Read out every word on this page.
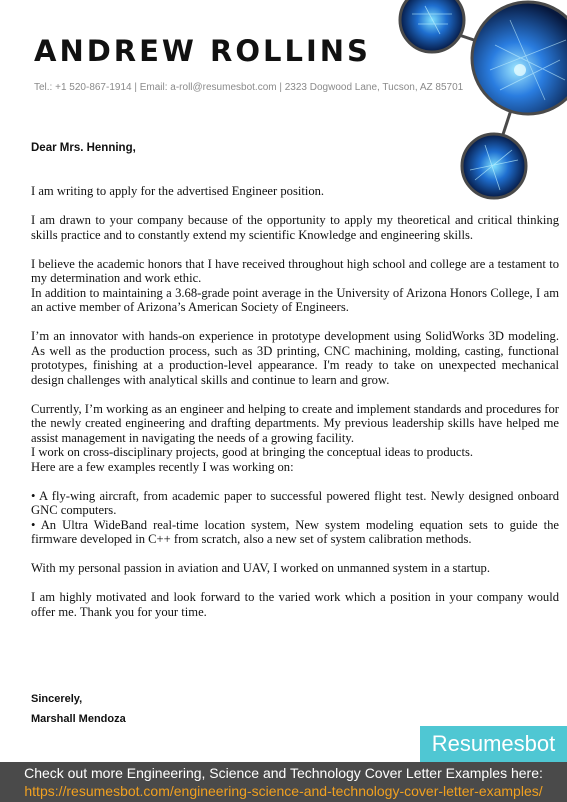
ANDREW ROLLINS
Tel.: +1 520-867-1914 | Email: a-roll@resumesbot.com | 2323 Dogwood Lane, Tucson, AZ 85701
Dear Mrs. Henning,

I am writing to apply for the advertised Engineer position.

I am drawn to your company because of the opportunity to apply my theoretical and critical thinking skills practice and to constantly extend my scientific Knowledge and engineering skills.

I believe the academic honors that I have received throughout high school and college are a testament to my determination and work ethic.

In addition to maintaining a 3.68-grade point average in the University of Arizona Honors College, I am an active member of Arizona’s American Society of Engineers.

I’m an innovator with hands-on experience in prototype development using SolidWorks 3D modeling. As well as the production process, such as 3D printing, CNC machining, molding, casting, functional prototypes, finishing at a production-level appearance. I'm ready to take on unexpected mechanical design challenges with analytical skills and continue to learn and grow.

Currently, I’m working as an engineer and helping to create and implement standards and procedures for the newly created engineering and drafting departments. My previous leadership skills have helped me assist management in navigating the needs of a growing facility.

I work on cross-disciplinary projects, good at bringing the conceptual ideas to products.

Here are a few examples recently I was working on:

• A fly-wing aircraft, from academic paper to successful powered flight test. Newly designed onboard GNC computers.

• An Ultra WideBand real-time location system, New system modeling equation sets to guide the firmware developed in C++ from scratch, also a new set of system calibration methods.

With my personal passion in aviation and UAV, I worked on unmanned system in a startup.

I am highly motivated and look forward to the varied work which a position in your company would offer me. Thank you for your time.

Sincerely,
Marshall Mendoza
Resumesbot
Check out more Engineering, Science and Technology Cover Letter Examples here:
https://resumesbot.com/engineering-science-and-technology-cover-letter-examples/
